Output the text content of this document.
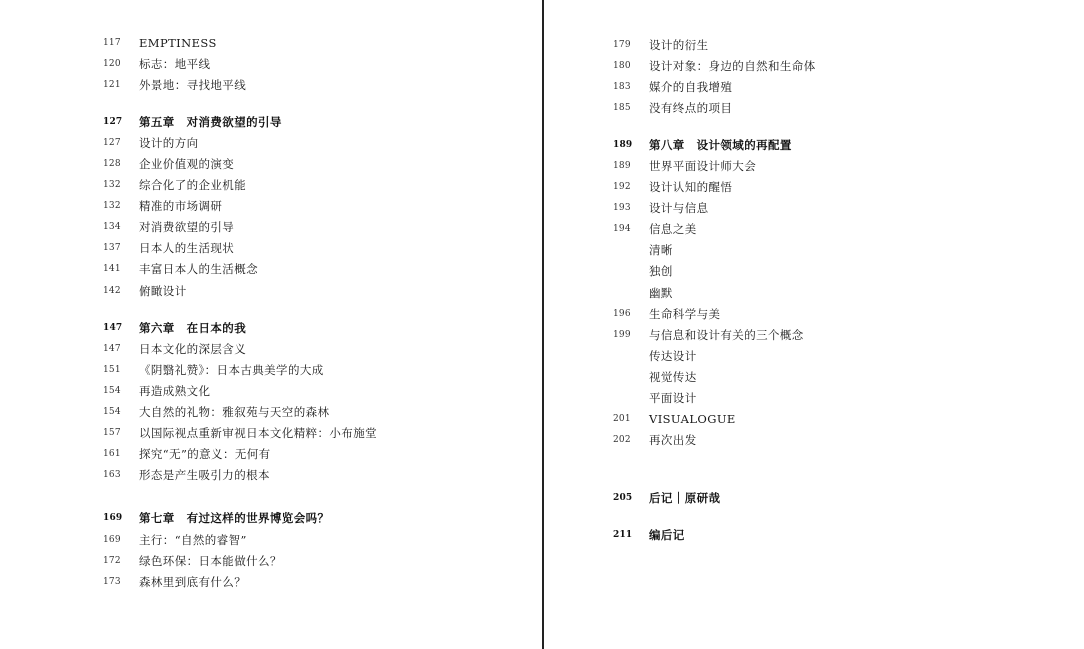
117	EMPTINESS
120	标志：地平线
121	外景地：寻找地平线
127	第五章　对消费欲望的引导
127	设计的方向
128	企业价值观的演变
132	综合化了的企业机能
132	精准的市场调研
134	对消费欲望的引导
137	日本人的生活现状
141	丰富日本人的生活概念
142	俯瞰设计
147	第六章　在日本的我
147	日本文化的深层含义
151	《阴翳礼赞》：日本古典美学的大成
154	再造成熟文化
154	大自然的礼物：雅叙苑与天空的森林
157	以国际视点重新审视日本文化精粹：小布施堂
161	探究“无”的意义：无何有
163	形态是产生吸引力的根本
169	第七章　有过这样的世界博览会吗？
169	主行：“自然的睿智”
172	绿色环保：日本能做什么？
173	森林里到底有什么？
179	设计的衍生
180	设计对象：身边的自然和生命体
183	媒介的自我增殖
185	没有终点的项目
189	第八章　设计领域的再配置
189	世界平面设计师大会
192	设计认知的醒悟
193	设计与信息
194	信息之美
清晰
独创
幽默
196	生命科学与美
199	与信息和设计有关的三个概念
传达设计
视觉传达
平面设计
201	VISUALOGUE
202	再次出发
205	后记｜原研哉
211	编后记
